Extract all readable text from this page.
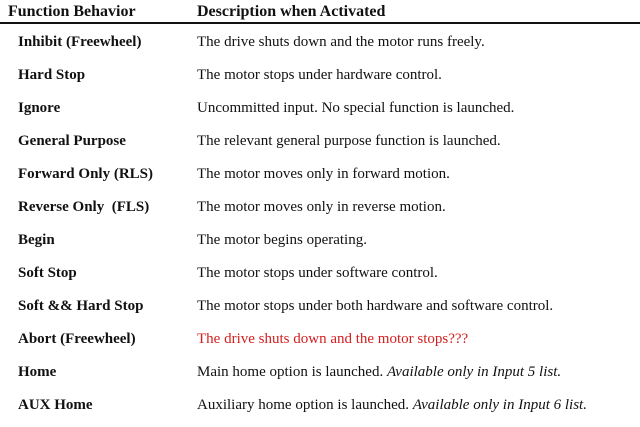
Function Behavior	Description when Activated
Inhibit (Freewheel)	The drive shuts down and the motor runs freely.
Hard Stop	The motor stops under hardware control.
Ignore	Uncommitted input. No special function is launched.
General Purpose	The relevant general purpose function is launched.
Forward Only (RLS)	The motor moves only in forward motion.
Reverse Only  (FLS)	The motor moves only in reverse motion.
Begin	The motor begins operating.
Soft Stop	The motor stops under software control.
Soft && Hard Stop	The motor stops under both hardware and software control.
Abort (Freewheel)	The drive shuts down and the motor stops???
Home	Main home option is launched. Available only in Input 5 list.
AUX Home	Auxiliary home option is launched. Available only in Input 6 list.
